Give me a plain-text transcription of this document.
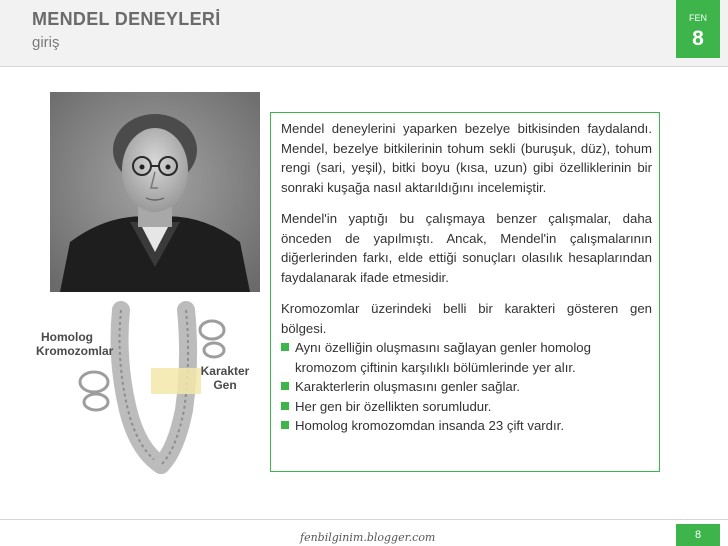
MENDEL DENEYLERİ
giriş
FEN
8
Homolog
Kromozomlar
Karakter
Gen

Mendel deneylerini yaparken bezelye bitkisinden faydalandı. Mendel, bezelye bitkilerinin tohum sekli (buruşuk, düz), tohum rengi (sari, yeşil), bitki boyu (kısa, uzun) gibi özelliklerinin bir sonraki kuşağa nasıl aktarıldığını incelemiştir.

Mendel'in yaptığı bu çalışmaya benzer çalışmalar, daha önceden de yapılmıştı. Ancak, Mendel'in çalışmalarının diğerlerinden farkı, elde ettiği sonuçları olasılık hesaplarından faydalanarak ifade etmesidir.

Kromozomlar üzerindeki belli bir karakteri gösteren gen bölgesi.

Aynı özelliğin oluşmasını sağlayan genler homolog kromozom çiftinin karşılıklı bölümlerinde yer alır.
Karakterlerin oluşmasını genler sağlar.
Her gen bir özellikten sorumludur.
Homolog kromozomdan insanda 23 çift vardır.
fenbilginim.blogger.com	8
